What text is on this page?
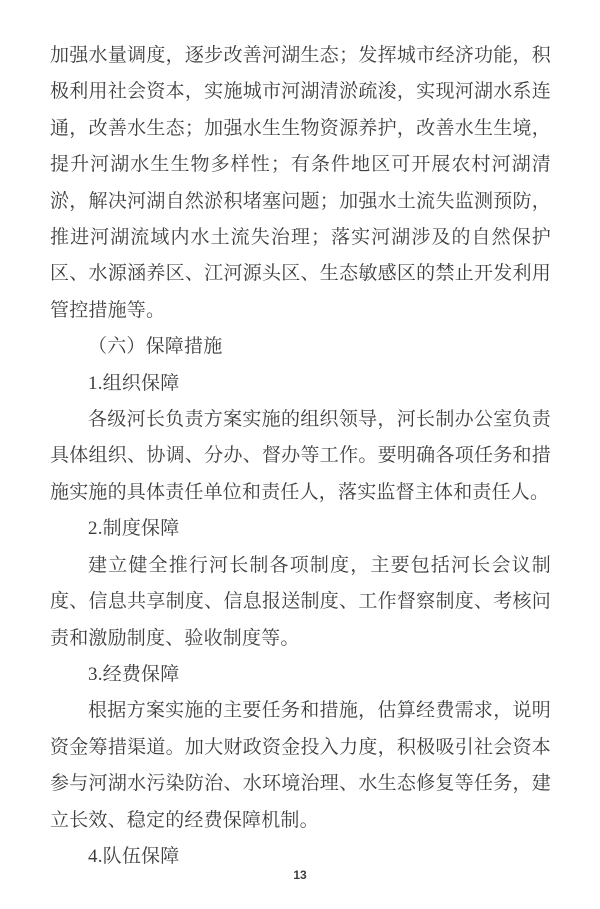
加强水量调度，逐步改善河湖生态；发挥城市经济功能，积极利用社会资本，实施城市河湖清淤疏浚，实现河湖水系连通，改善水生态；加强水生生物资源养护，改善水生生境，提升河湖水生生物多样性；有条件地区可开展农村河湖清淤，解决河湖自然淤积堵塞问题；加强水土流失监测预防，推进河湖流域内水土流失治理；落实河湖涉及的自然保护区、水源涵养区、江河源头区、生态敏感区的禁止开发利用管控措施等。

（六）保障措施

1.组织保障

各级河长负责方案实施的组织领导，河长制办公室负责具体组织、协调、分办、督办等工作。要明确各项任务和措施实施的具体责任单位和责任人，落实监督主体和责任人。

2.制度保障

建立健全推行河长制各项制度，主要包括河长会议制度、信息共享制度、信息报送制度、工作督察制度、考核问责和激励制度、验收制度等。

3.经费保障

根据方案实施的主要任务和措施，估算经费需求，说明资金筹措渠道。加大财政资金投入力度，积极吸引社会资本参与河湖水污染防治、水环境治理、水生态修复等任务，建立长效、稳定的经费保障机制。

4.队伍保障

13
